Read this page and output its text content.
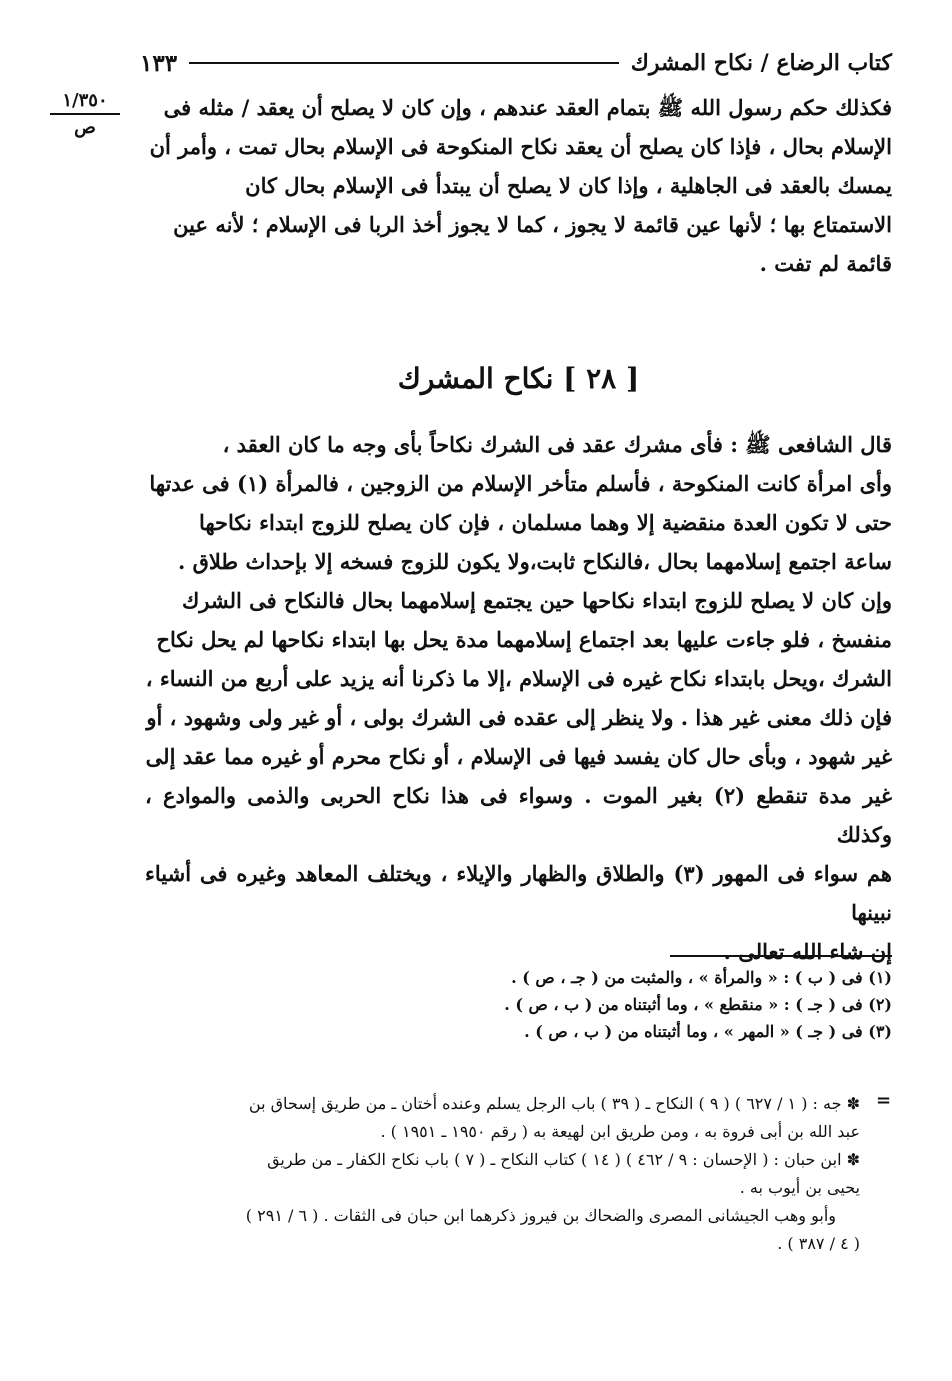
كتاب الرضاع / نكاح المشرك
١٣٣
١/٣٥٠
ص

فكذلك حكم رسول الله ﷺ بتمام العقد عندهم ، وإن كان لا يصلح أن يعقد / مثله فى

الإسلام بحال ، فإذا كان يصلح أن يعقد نكاح المنكوحة فى الإسلام بحال تمت ، وأمر أن

يمسك بالعقد فى الجاهلية ، وإذا كان لا يصلح أن يبتدأ فى الإسلام بحال كان

الاستمتاع بها ؛ لأنها عين قائمة لا يجوز ، كما لا يجوز أخذ الربا فى الإسلام ؛ لأنه عين

قائمة لم تفت .

[ ٢٨ ] نكاح المشرك

قال الشافعى ﷺ : فأى مشرك عقد فى الشرك نكاحاً بأى وجه ما كان العقد ،

وأى امرأة كانت المنكوحة ، فأسلم متأخر الإسلام من الزوجين ، فالمرأة (١) فى عدتها

حتى لا تكون العدة منقضية إلا وهما مسلمان ، فإن كان يصلح للزوج ابتداء نكاحها

ساعة اجتمع إسلامهما بحال ،فالنكاح ثابت،ولا يكون للزوج فسخه إلا بإحداث طلاق .

وإن كان لا يصلح للزوج ابتداء نكاحها حين يجتمع إسلامهما بحال فالنكاح فى الشرك

منفسخ ، فلو جاءت عليها بعد اجتماع إسلامهما مدة يحل بها ابتداء نكاحها لم يحل نكاح

الشرك ،ويحل بابتداء نكاح غيره فى الإسلام ،إلا ما ذكرنا أنه يزيد على أربع من النساء ،

فإن ذلك معنى غير هذا . ولا ينظر إلى عقده فى الشرك بولى ، أو غير ولى وشهود ، أو

غير شهود ، وبأى حال كان يفسد فيها فى الإسلام ، أو نكاح محرم أو غيره مما عقد إلى

غير مدة تنقطع (٢) بغير الموت . وسواء فى هذا نكاح الحربى والذمى والموادع ، وكذلك

هم سواء فى المهور (٣) والطلاق والظهار والإيلاء ، ويختلف المعاهد وغيره فى أشياء نبينها

إن شاء الله تعالى .

(١) فى ( ب ) : « والمرأة » ، والمثبت من ( جـ ، ص ) .
(٢) فى ( جـ ) : « منقطع » ، وما أثبتناه من ( ب ، ص ) .
(٣) فى ( جـ ) « المهر » ، وما أثبتناه من ( ب ، ص ) .
=
✽ جه : ( ١ / ٦٢٧ ) ( ٩ ) النكاح ـ ( ٣٩ ) باب الرجل يسلم وعنده أختان ـ من طريق إسحاق بن
عبد الله بن أبى فروة به ، ومن طريق ابن لهيعة به ( رقم ١٩٥٠ ـ ١٩٥١ ) .
✽ ابن حبان : ( الإحسان : ٩ / ٤٦٢ ) ( ١٤ ) كتاب النكاح ـ ( ٧ ) باب نكاح الكفار ـ من طريق
يحيى بن أيوب به .
وأبو وهب الجيشانى المصرى والضحاك بن فيروز ذكرهما ابن حبان فى الثقات . ( ٦ / ٢٩١ )
( ٤ / ٣٨٧ ) .
